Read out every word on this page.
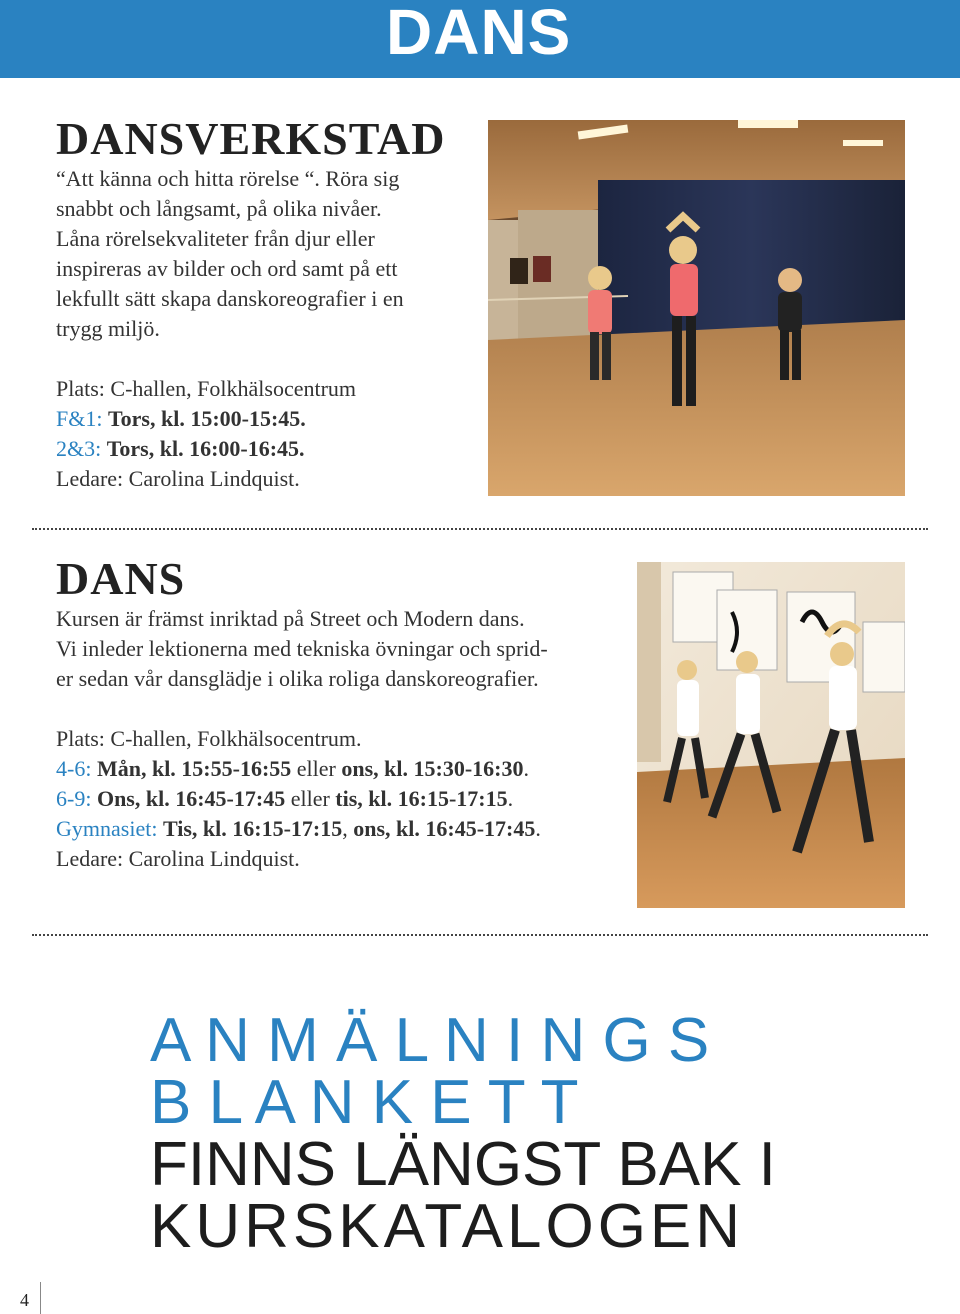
DANS
DANSVERKSTAD

“Att känna och hitta rörelse “. Röra sig

snabbt och långsamt, på olika nivåer.

Låna rörelsekvaliteter från djur eller

inspireras av bilder och ord samt på ett

lekfullt sätt skapa danskoreografier i en

trygg miljö.

Plats: C-hallen, Folkhälsocentrum

F&1: Tors, kl. 15:00-15:45.

2&3: Tors, kl. 16:00-16:45.

Ledare: Carolina Lindquist.

DANS

Kursen är främst inriktad på Street och Modern dans.

Vi inleder lektionerna med tekniska övningar och sprid-

er sedan vår dansglädje i olika roliga danskoreografier.

Plats: C-hallen, Folkhälsocentrum.

4-6: Mån, kl. 15:55-16:55 eller ons, kl. 15:30-16:30.

6-9: Ons, kl. 16:45-17:45 eller tis, kl. 16:15-17:15.

Gymnasiet: Tis, kl. 16:15-17:15, ons, kl. 16:45-17:45.

Ledare: Carolina Lindquist.

A N M Ä L N I N G S
B L A N K E T T
FINNS LÄNGST BAK I
KURSKATALOGEN
4
